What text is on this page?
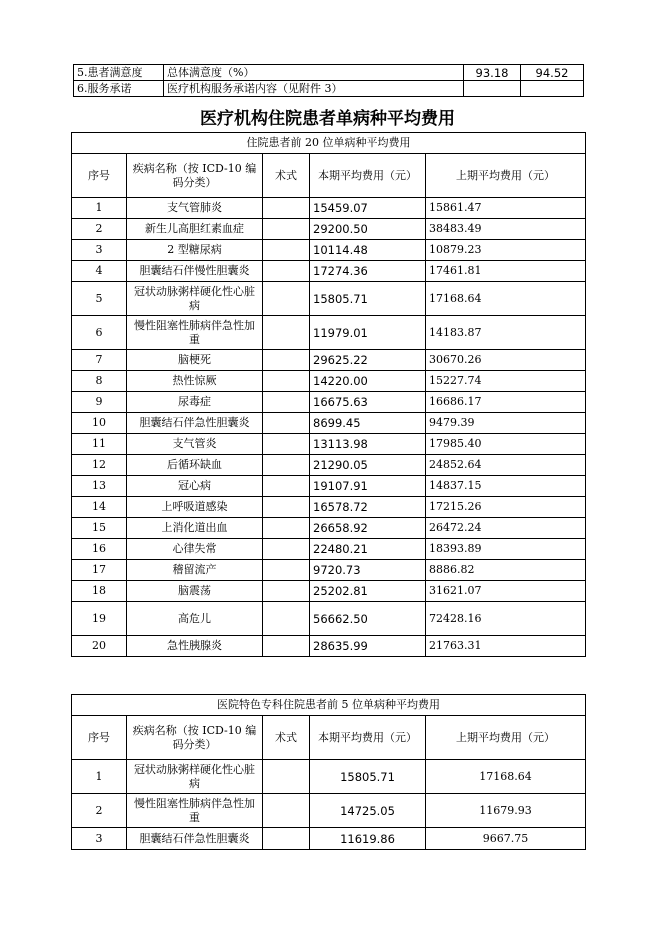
5.患者满意度	总体满意度（%）	93.18	94.52
6.服务承诺	医疗机构服务承诺内容（见附件 3）		
医疗机构住院患者单病种平均费用
住院患者前 20 位单病种平均费用				
序号	疾病名称（按 ICD-10 编码分类）	术式	本期平均费用（元）	上期平均费用（元）
1	支气管肺炎		15459.07	15861.47
2	新生儿高胆红素血症		29200.50	38483.49
3	2 型糖尿病		10114.48	10879.23
4	胆囊结石伴慢性胆囊炎		17274.36	17461.81
5	冠状动脉粥样硬化性心脏病		15805.71	17168.64
6	慢性阻塞性肺病伴急性加重		11979.01	14183.87
7	脑梗死		29625.22	30670.26
8	热性惊厥		14220.00	15227.74
9	尿毒症		16675.63	16686.17
10	胆囊结石伴急性胆囊炎		8699.45	9479.39
11	支气管炎		13113.98	17985.40
12	后循环缺血		21290.05	24852.64
13	冠心病		19107.91	14837.15
14	上呼吸道感染		16578.72	17215.26
15	上消化道出血		26658.92	26472.24
16	心律失常		22480.21	18393.89
17	稽留流产		9720.73	8886.82
18	脑震荡		25202.81	31621.07
19	高危儿		56662.50	72428.16
20	急性胰腺炎		28635.99	21763.31
医院特色专科住院患者前 5 位单病种平均费用				
序号	疾病名称（按 ICD-10 编码分类）	术式	本期平均费用（元）	上期平均费用（元）
1	冠状动脉粥样硬化性心脏病		15805.71	17168.64
2	慢性阻塞性肺病伴急性加重		14725.05	11679.93
3	胆囊结石伴急性胆囊炎		11619.86	9667.75
